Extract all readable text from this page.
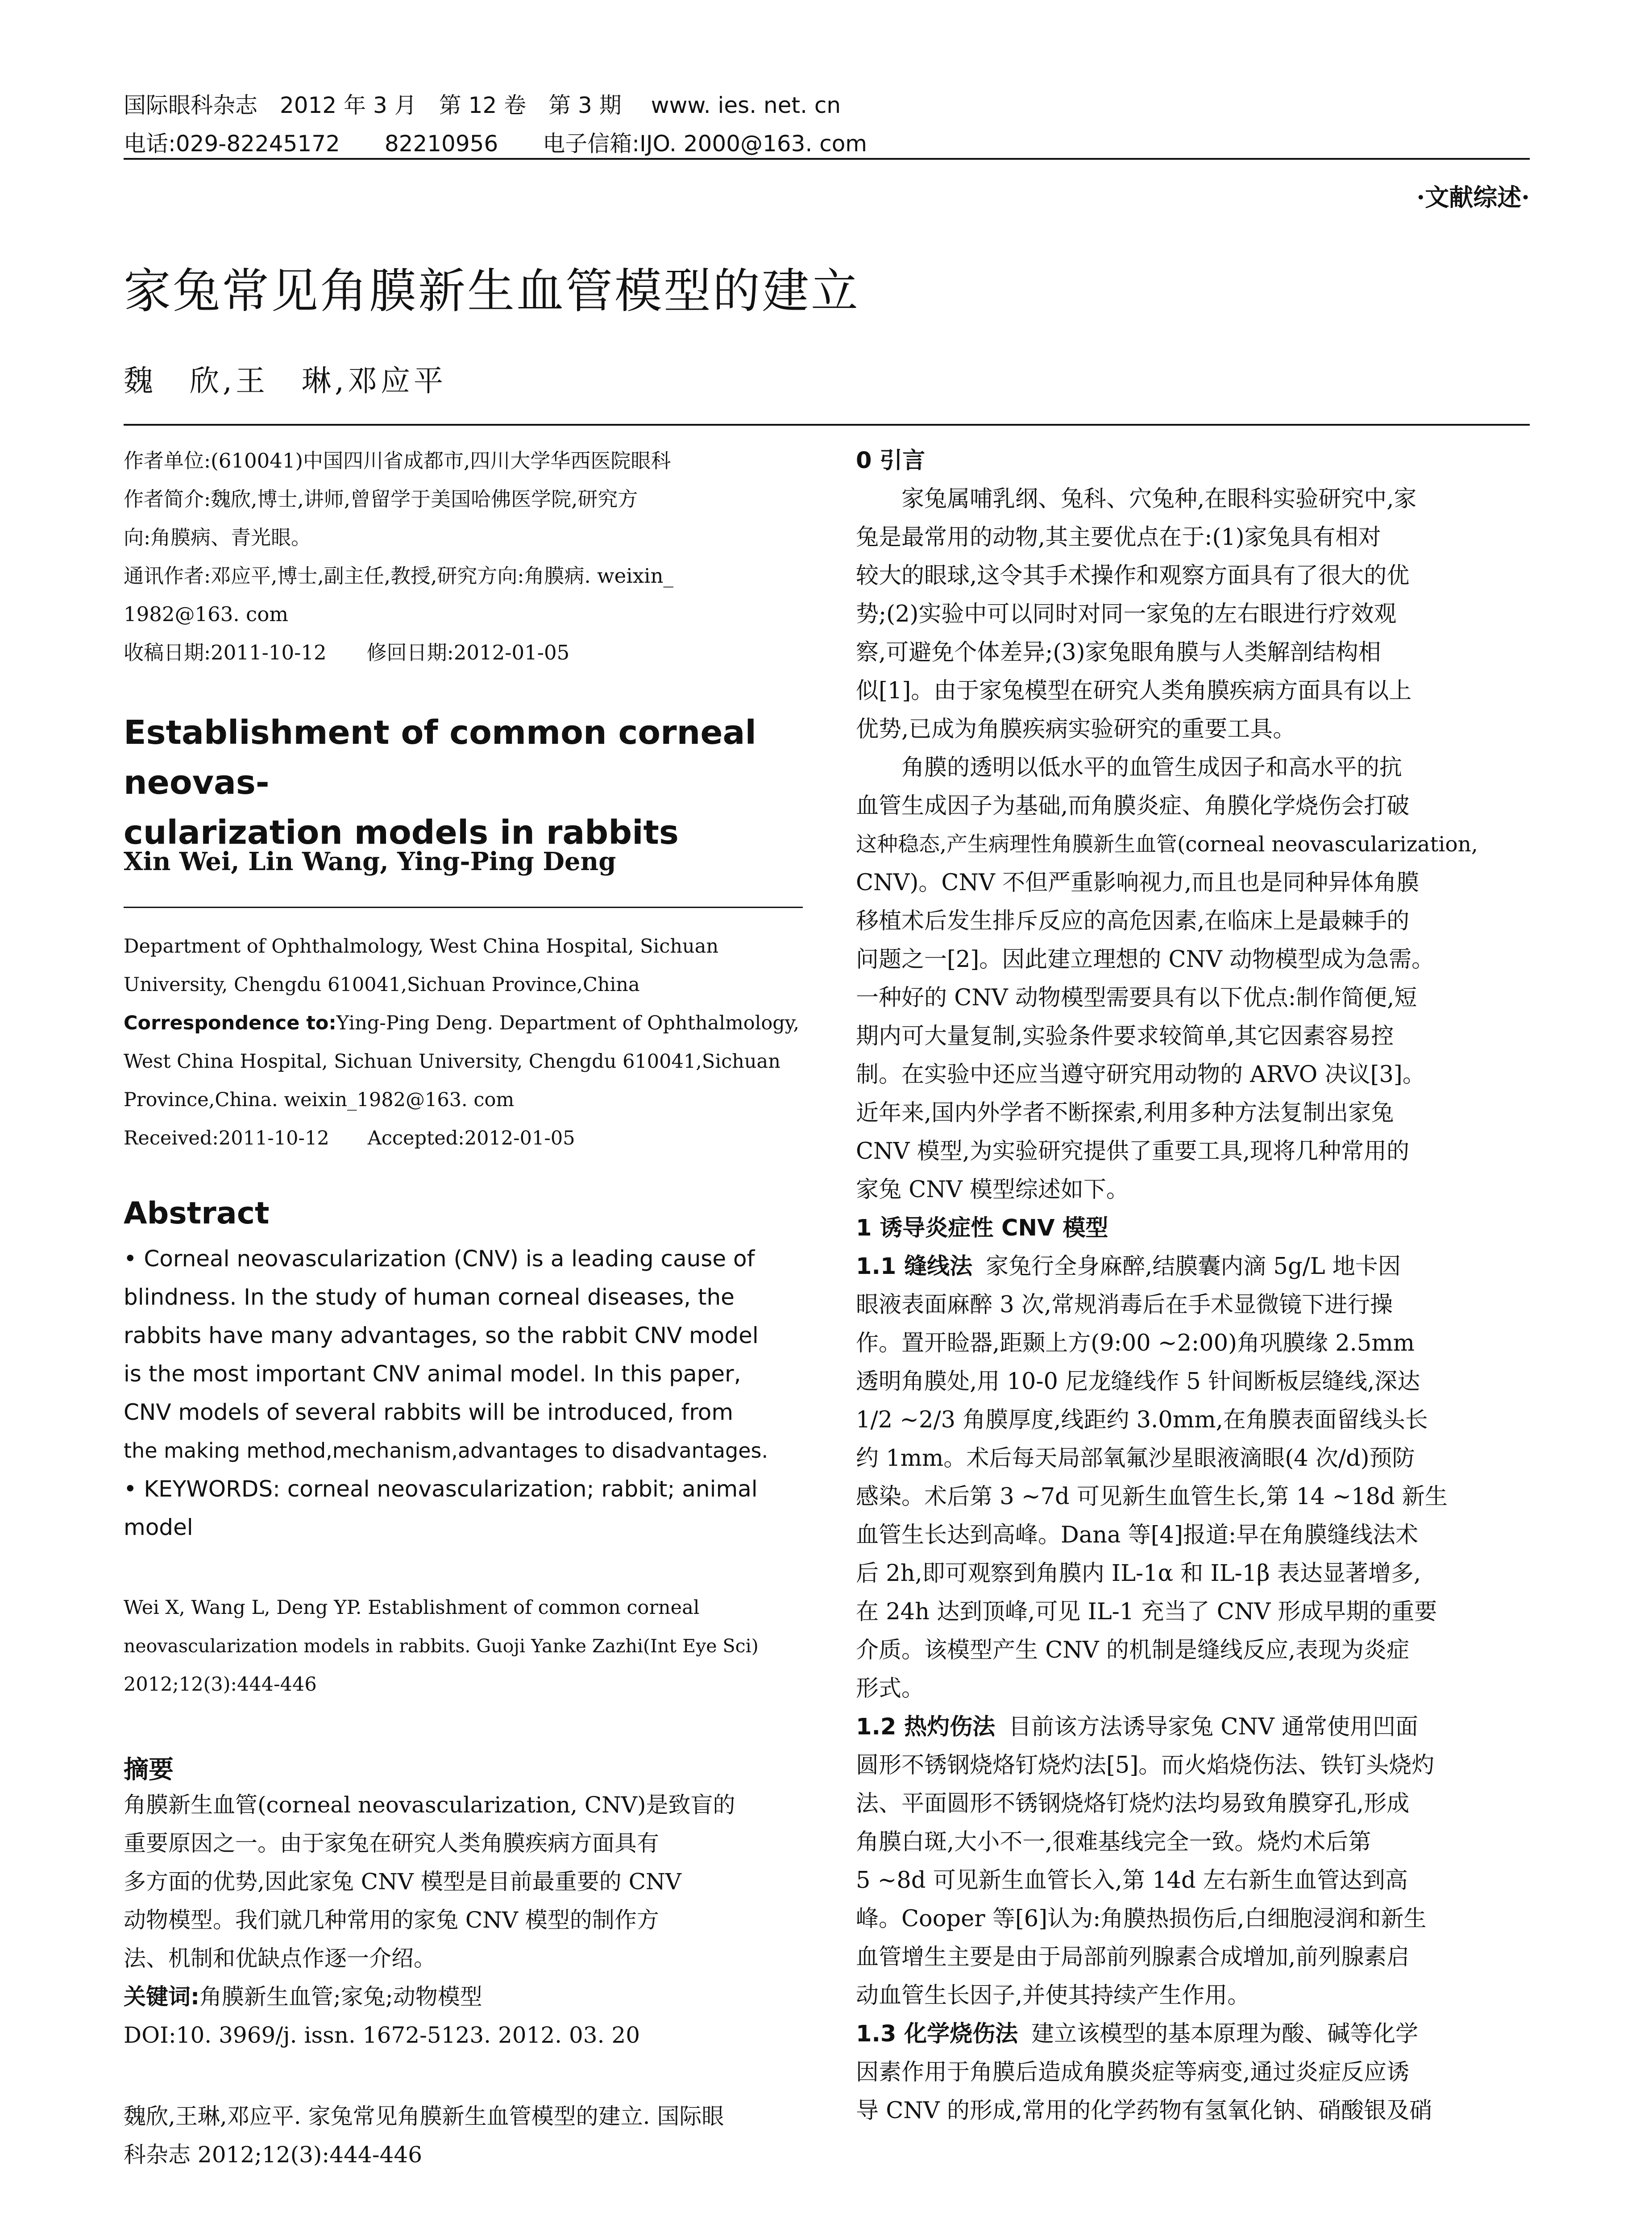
国际眼科杂志　2012 年 3 月　第 12 卷　第 3 期　 www. ies. net. cn
电话:029-82245172　　82210956　　电子信箱:IJO. 2000@163. com
·文献综述·
家兔常见角膜新生血管模型的建立
魏　欣,王　琳,邓应平

作者单位:(610041)中国四川省成都市,四川大学华西医院眼科

作者简介:魏欣,博士,讲师,曾留学于美国哈佛医学院,研究方

向:角膜病、青光眼。

通讯作者:邓应平,博士,副主任,教授,研究方向:角膜病. weixin_

1982@163. com

收稿日期:2011-10-12　　修回日期:2012-01-05

Establishment of common corneal neovas-

cularization models in rabbits

Xin Wei, Lin Wang, Ying-Ping Deng

Department of Ophthalmology, West China Hospital, Sichuan

University, Chengdu 610041,Sichuan Province,China

Correspondence to:Ying-Ping Deng. Department of Ophthalmology,

West China Hospital, Sichuan University, Chengdu 610041,Sichuan

Province,China. weixin_1982@163. com

Received:2011-10-12　　Accepted:2012-01-05

Abstract

• Corneal neovascularization (CNV) is a leading cause of

blindness. In the study of human corneal diseases, the

rabbits have many advantages, so the rabbit CNV model

is the most important CNV animal model. In this paper,

CNV models of several rabbits will be introduced, from

the making method,mechanism,advantages to disadvantages.

• KEYWORDS: corneal neovascularization; rabbit; animal

model

Wei X, Wang L, Deng YP. Establishment of common corneal

neovascularization models in rabbits. Guoji Yanke Zazhi(Int Eye Sci)

2012;12(3):444-446

摘要

角膜新生血管(corneal neovascularization, CNV)是致盲的

重要原因之一。由于家兔在研究人类角膜疾病方面具有

多方面的优势,因此家兔 CNV 模型是目前最重要的 CNV

动物模型。我们就几种常用的家兔 CNV 模型的制作方

法、机制和优缺点作逐一介绍。

关键词:角膜新生血管;家兔;动物模型

DOI:10. 3969/j. issn. 1672-5123. 2012. 03. 20

魏欣,王琳,邓应平. 家兔常见角膜新生血管模型的建立. 国际眼

科杂志 2012;12(3):444-446

0 引言

家兔属哺乳纲、兔科、穴兔种,在眼科实验研究中,家

兔是最常用的动物,其主要优点在于:(1)家兔具有相对

较大的眼球,这令其手术操作和观察方面具有了很大的优

势;(2)实验中可以同时对同一家兔的左右眼进行疗效观

察,可避免个体差异;(3)家兔眼角膜与人类解剖结构相

似[1]。由于家兔模型在研究人类角膜疾病方面具有以上

优势,已成为角膜疾病实验研究的重要工具。

角膜的透明以低水平的血管生成因子和高水平的抗

血管生成因子为基础,而角膜炎症、角膜化学烧伤会打破

这种稳态,产生病理性角膜新生血管(corneal neovascularization,

CNV)。CNV 不但严重影响视力,而且也是同种异体角膜

移植术后发生排斥反应的高危因素,在临床上是最棘手的

问题之一[2]。因此建立理想的 CNV 动物模型成为急需。

一种好的 CNV 动物模型需要具有以下优点:制作简便,短

期内可大量复制,实验条件要求较简单,其它因素容易控

制。在实验中还应当遵守研究用动物的 ARVO 决议[3]。

近年来,国内外学者不断探索,利用多种方法复制出家兔

CNV 模型,为实验研究提供了重要工具,现将几种常用的

家兔 CNV 模型综述如下。

1 诱导炎症性 CNV 模型

1.1 缝线法 家兔行全身麻醉,结膜囊内滴 5g/L 地卡因

眼液表面麻醉 3 次,常规消毒后在手术显微镜下进行操

作。置开睑器,距颞上方(9:00 ~2:00)角巩膜缘 2.5mm

透明角膜处,用 10-0 尼龙缝线作 5 针间断板层缝线,深达

1/2 ~2/3 角膜厚度,线距约 3.0mm,在角膜表面留线头长

约 1mm。术后每天局部氧氟沙星眼液滴眼(4 次/d)预防

感染。术后第 3 ~7d 可见新生血管生长,第 14 ~18d 新生

血管生长达到高峰。Dana 等[4]报道:早在角膜缝线法术

后 2h,即可观察到角膜内 IL-1α 和 IL-1β 表达显著增多,

在 24h 达到顶峰,可见 IL-1 充当了 CNV 形成早期的重要

介质。该模型产生 CNV 的机制是缝线反应,表现为炎症

形式。

1.2 热灼伤法 目前该方法诱导家兔 CNV 通常使用凹面

圆形不锈钢烧烙钉烧灼法[5]。而火焰烧伤法、铁钉头烧灼

法、平面圆形不锈钢烧烙钉烧灼法均易致角膜穿孔,形成

角膜白斑,大小不一,很难基线完全一致。烧灼术后第

5 ~8d 可见新生血管长入,第 14d 左右新生血管达到高

峰。Cooper 等[6]认为:角膜热损伤后,白细胞浸润和新生

血管增生主要是由于局部前列腺素合成增加,前列腺素启

动血管生长因子,并使其持续产生作用。

1.3 化学烧伤法 建立该模型的基本原理为酸、碱等化学

因素作用于角膜后造成角膜炎症等病变,通过炎症反应诱

导 CNV 的形成,常用的化学药物有氢氧化钠、硝酸银及硝
